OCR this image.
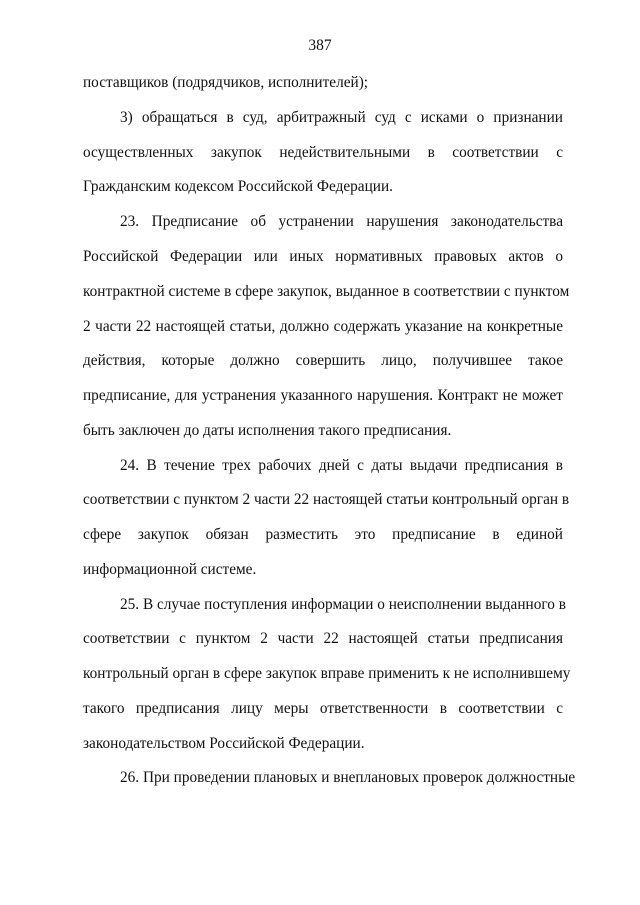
387
поставщиков (подрядчиков, исполнителей);
3) обращаться в суд, арбитражный суд с исками о признании
осуществленных закупок недействительными в соответствии с
Гражданским кодексом Российской Федерации.
23. Предписание об устранении нарушения законодательства
Российской Федерации или иных нормативных правовых актов о
контрактной системе в сфере закупок, выданное в соответствии с пунктом
2 части 22 настоящей статьи, должно содержать указание на конкретные
действия, которые должно совершить лицо, получившее такое
предписание, для устранения указанного нарушения. Контракт не может
быть заключен до даты исполнения такого предписания.
24. В течение трех рабочих дней с даты выдачи предписания в
соответствии с пунктом 2 части 22 настоящей статьи контрольный орган в
сфере закупок обязан разместить это предписание в единой
информационной системе.
25. В случае поступления информации о неисполнении выданного в
соответствии с пунктом 2 части 22 настоящей статьи предписания
контрольный орган в сфере закупок вправе применить к не исполнившему
такого предписания лицу меры ответственности в соответствии с
законодательством Российской Федерации.
26. При проведении плановых и внеплановых проверок должностные
